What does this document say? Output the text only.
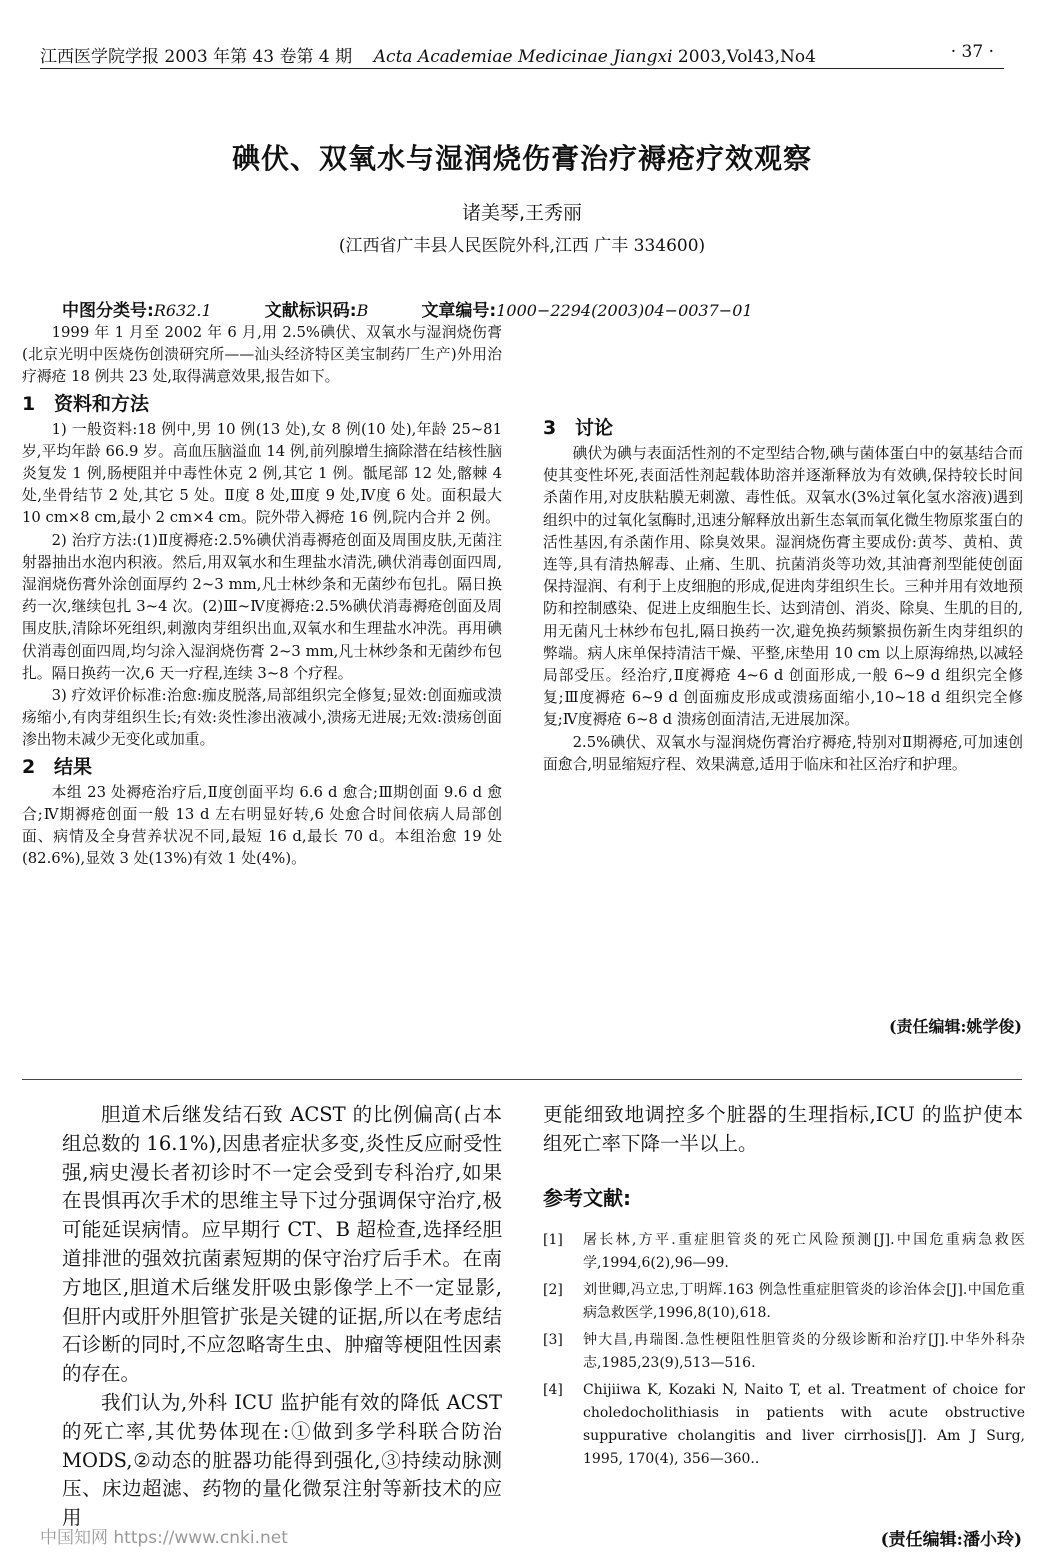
江西医学院学报 2003 年第 43 卷第 4 期 Acta Academiae Medicinae Jiangxi 2003,Vol43,No4	· 37 ·
碘伏、双氧水与湿润烧伤膏治疗褥疮疗效观察
诸美琴,王秀丽
(江西省广丰县人民医院外科,江西 广丰 334600)
中图分类号:R632.1	文献标识码:B	文章编号:1000−2294(2003)04−0037−01

1999 年 1 月至 2002 年 6 月,用 2.5%碘伏、双氧水与湿润烧伤膏(北京光明中医烧伤创溃研究所——汕头经济特区美宝制药厂生产)外用治疗褥疮 18 例共 23 处,取得满意效果,报告如下。

1 资料和方法

1) 一般资料:18 例中,男 10 例(13 处),女 8 例(10 处),年龄 25~81 岁,平均年龄 66.9 岁。高血压脑溢血 14 例,前列腺增生摘除潜在结核性脑炎复发 1 例,肠梗阻并中毒性休克 2 例,其它 1 例。骶尾部 12 处,髂棘 4 处,坐骨结节 2 处,其它 5 处。Ⅱ度 8 处,Ⅲ度 9 处,Ⅳ度 6 处。面积最大 10 cm×8 cm,最小 2 cm×4 cm。院外带入褥疮 16 例,院内合并 2 例。

2) 治疗方法:(1)Ⅱ度褥疮:2.5%碘伏消毒褥疮创面及周围皮肤,无菌注射器抽出水泡内积液。然后,用双氧水和生理盐水清洗,碘伏消毒创面四周,湿润烧伤膏外涂创面厚约 2~3 mm,凡士林纱条和无菌纱布包扎。隔日换药一次,继续包扎 3~4 次。(2)Ⅲ~Ⅳ度褥疮:2.5%碘伏消毒褥疮创面及周围皮肤,清除坏死组织,刺激肉芽组织出血,双氧水和生理盐水冲洗。再用碘伏消毒创面四周,均匀涂入湿润烧伤膏 2~3 mm,凡士林纱条和无菌纱布包扎。隔日换药一次,6 天一疗程,连续 3~8 个疗程。

3) 疗效评价标准:治愈:痂皮脱落,局部组织完全修复;显效:创面痂或溃疡缩小,有肉芽组织生长;有效:炎性渗出液减小,溃疡无进展;无效:溃疡创面渗出物未减少无变化或加重。

2 结果

本组 23 处褥疮治疗后,Ⅱ度创面平均 6.6 d 愈合;Ⅲ期创面 9.6 d 愈合;Ⅳ期褥疮创面一般 13 d 左右明显好转,6 处愈合时间依病人局部创面、病情及全身营养状况不同,最短 16 d,最长 70 d。本组治愈 19 处(82.6%),显效 3 处(13%)有效 1 处(4%)。

3 讨论

碘伏为碘与表面活性剂的不定型结合物,碘与菌体蛋白中的氨基结合而使其变性坏死,表面活性剂起载体助溶并逐渐释放为有效碘,保持较长时间杀菌作用,对皮肤粘膜无刺激、毒性低。双氧水(3%过氧化氢水溶液)遇到组织中的过氧化氢酶时,迅速分解释放出新生态氧而氧化微生物原浆蛋白的活性基因,有杀菌作用、除臭效果。湿润烧伤膏主要成份:黄芩、黄柏、黄连等,具有清热解毒、止痛、生肌、抗菌消炎等功效,其油膏剂型能使创面保持湿润、有利于上皮细胞的形成,促进肉芽组织生长。三种并用有效地预防和控制感染、促进上皮细胞生长、达到清创、消炎、除臭、生肌的目的,用无菌凡士林纱布包扎,隔日换药一次,避免换药频繁损伤新生肉芽组织的弊端。病人床单保持清洁干燥、平整,床垫用 10 cm 以上原海绵热,以减轻局部受压。经治疗,Ⅱ度褥疮 4~6 d 创面形成,一般 6~9 d 组织完全修复;Ⅲ度褥疮 6~9 d 创面痂皮形成或溃疡面缩小,10~18 d 组织完全修复;Ⅳ度褥疮 6~8 d 溃疡创面清洁,无进展加深。

2.5%碘伏、双氧水与湿润烧伤膏治疗褥疮,特别对Ⅱ期褥疮,可加速创面愈合,明显缩短疗程、效果满意,适用于临床和社区治疗和护理。

(责任编辑:姚学俊)

胆道术后继发结石致 ACST 的比例偏高(占本组总数的 16.1%),因患者症状多变,炎性反应耐受性强,病史漫长者初诊时不一定会受到专科治疗,如果在畏惧再次手术的思维主导下过分强调保守治疗,极可能延误病情。应早期行 CT、B 超检查,选择经胆道排泄的强效抗菌素短期的保守治疗后手术。在南方地区,胆道术后继发肝吸虫影像学上不一定显影,但肝内或肝外胆管扩张是关键的证据,所以在考虑结石诊断的同时,不应忽略寄生虫、肿瘤等梗阻性因素的存在。

我们认为,外科 ICU 监护能有效的降低 ACST 的死亡率,其优势体现在:①做到多学科联合防治 MODS,②动态的脏器功能得到强化,③持续动脉测压、床边超滤、药物的量化微泵注射等新技术的应用

更能细致地调控多个脏器的生理指标,ICU 的监护使本组死亡率下降一半以上。

参考文献:
[1]	屠长林,方平.重症胆管炎的死亡风险预测[J].中国危重病急救医学,1994,6(2),96—99.
[2]	刘世卿,冯立忠,丁明辉.163 例急性重症胆管炎的诊治体会[J].中国危重病急救医学,1996,8(10),618.
[3]	钟大昌,冉瑞图.急性梗阻性胆管炎的分级诊断和治疗[J].中华外科杂志,1985,23(9),513—516.
[4]	Chijiiwa K, Kozaki N, Naito T, et al. Treatment of choice for choledocholithiasis in patients with acute obstructive suppurative cholangitis and liver cirrhosis[J]. Am J Surg, 1995, 170(4), 356—360..
(责任编辑:潘小玲)
中国知网 https://www.cnki.net
